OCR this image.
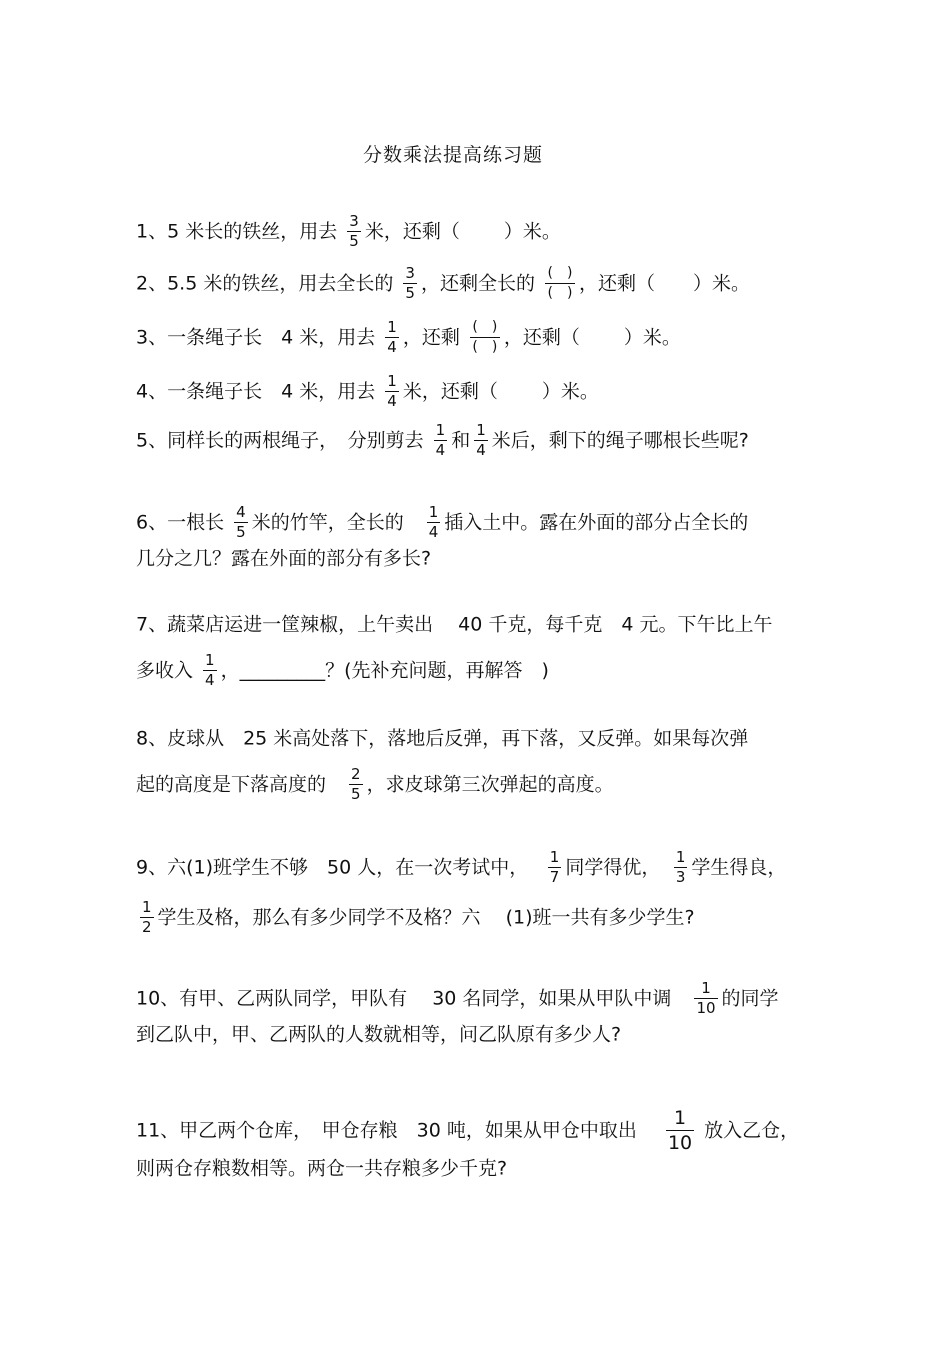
分数乘法提高练习题
1、5 米长的铁丝，用去 $\frac{3}{5}$ 米，还剩（　　 ）米。
2、5.5 米的铁丝，用去全长的 $\frac{3}{5}$ ，还剩全长的 $\frac{( )}{( )}$ ，还剩（　　）米。
3、一条绳子长　4 米，用去 $\frac{1}{4}$ ，还剩 $\frac{( )}{( )}$ ，还剩（　　 ）米。
4、一条绳子长　4 米，用去 $\frac{1}{4}$ 米，还剩（　　 ）米。
5、同样长的两根绳子，　分别剪去 $\frac{1}{4}$ 和 $\frac{1}{4}$ 米后，剩下的绳子哪根长些呢?
6、一根长 $\frac{4}{5}$ 米的竹竿，全长的　 $\frac{1}{4}$ 插入土中。露在外面的部分占全长的
几分之几？露在外面的部分有多长?
7、蔬菜店运进一筐辣椒，上午卖出　 40 千克，每千克　4 元。下午比上午
多收入 $\frac{1}{4}$ ，_________？(先补充问题，再解答　)
8、皮球从　25 米高处落下，落地后反弹，再下落，又反弹。如果每次弹
起的高度是下落高度的　 $\frac{2}{5}$ ，求皮球第三次弹起的高度。
9、六(1)班学生不够　50 人，在一次考试中，　 $\frac{1}{7}$ 同学得优，　 $\frac{1}{3}$ 学生得良，
$\frac{1}{2}$ 学生及格，那么有多少同学不及格？六　 (1)班一共有多少学生?
10、有甲、乙两队同学，甲队有　 30 名同学，如果从甲队中调　 $\frac{1}{10}$ 的同学
到乙队中，甲、乙两队的人数就相等，问乙队原有多少人?
11、甲乙两个仓库，　甲仓存粮　30 吨，如果从甲仓中取出　 $\frac{1}{10}$ 放入乙仓，
则两仓存粮数相等。两仓一共存粮多少千克?
